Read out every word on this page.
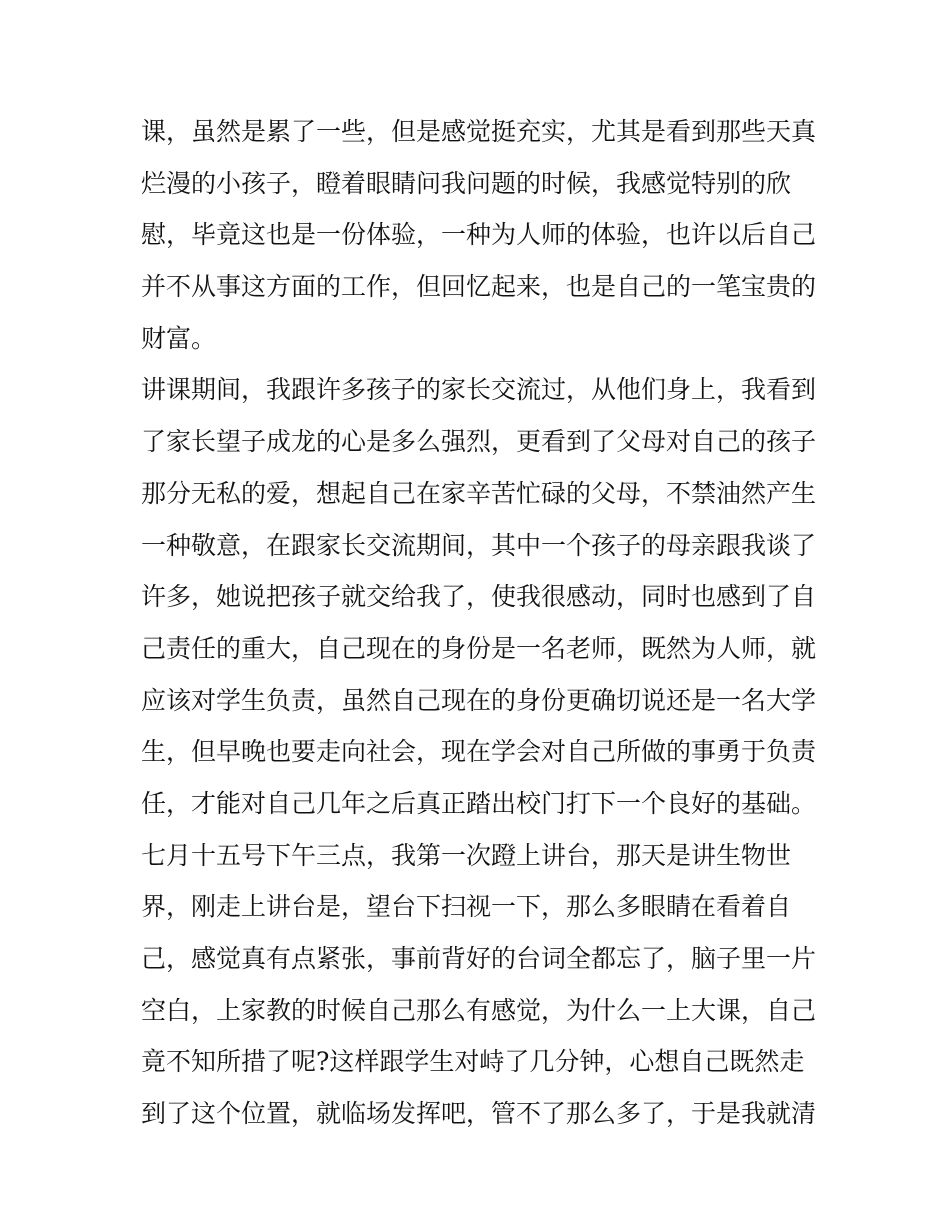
课，虽然是累了一些，但是感觉挺充实，尤其是看到那些天真
烂漫的小孩子，瞪着眼睛问我问题的时候，我感觉特别的欣
慰，毕竟这也是一份体验，一种为人师的体验，也许以后自己
并不从事这方面的工作，但回忆起来，也是自己的一笔宝贵的
财富。
讲课期间，我跟许多孩子的家长交流过，从他们身上，我看到
了家长望子成龙的心是多么强烈，更看到了父母对自己的孩子
那分无私的爱，想起自己在家辛苦忙碌的父母，不禁油然产生
一种敬意，在跟家长交流期间，其中一个孩子的母亲跟我谈了
许多，她说把孩子就交给我了，使我很感动，同时也感到了自
己责任的重大，自己现在的身份是一名老师，既然为人师，就
应该对学生负责，虽然自己现在的身份更确切说还是一名大学
生，但早晚也要走向社会，现在学会对自己所做的事勇于负责
任，才能对自己几年之后真正踏出校门打下一个良好的基础。
七月十五号下午三点，我第一次蹬上讲台，那天是讲生物世
界，刚走上讲台是，望台下扫视一下，那么多眼睛在看着自
己，感觉真有点紧张，事前背好的台词全都忘了，脑子里一片
空白，上家教的时候自己那么有感觉，为什么一上大课，自己
竟不知所措了呢?这样跟学生对峙了几分钟，心想自己既然走
到了这个位置，就临场发挥吧，管不了那么多了，于是我就清
